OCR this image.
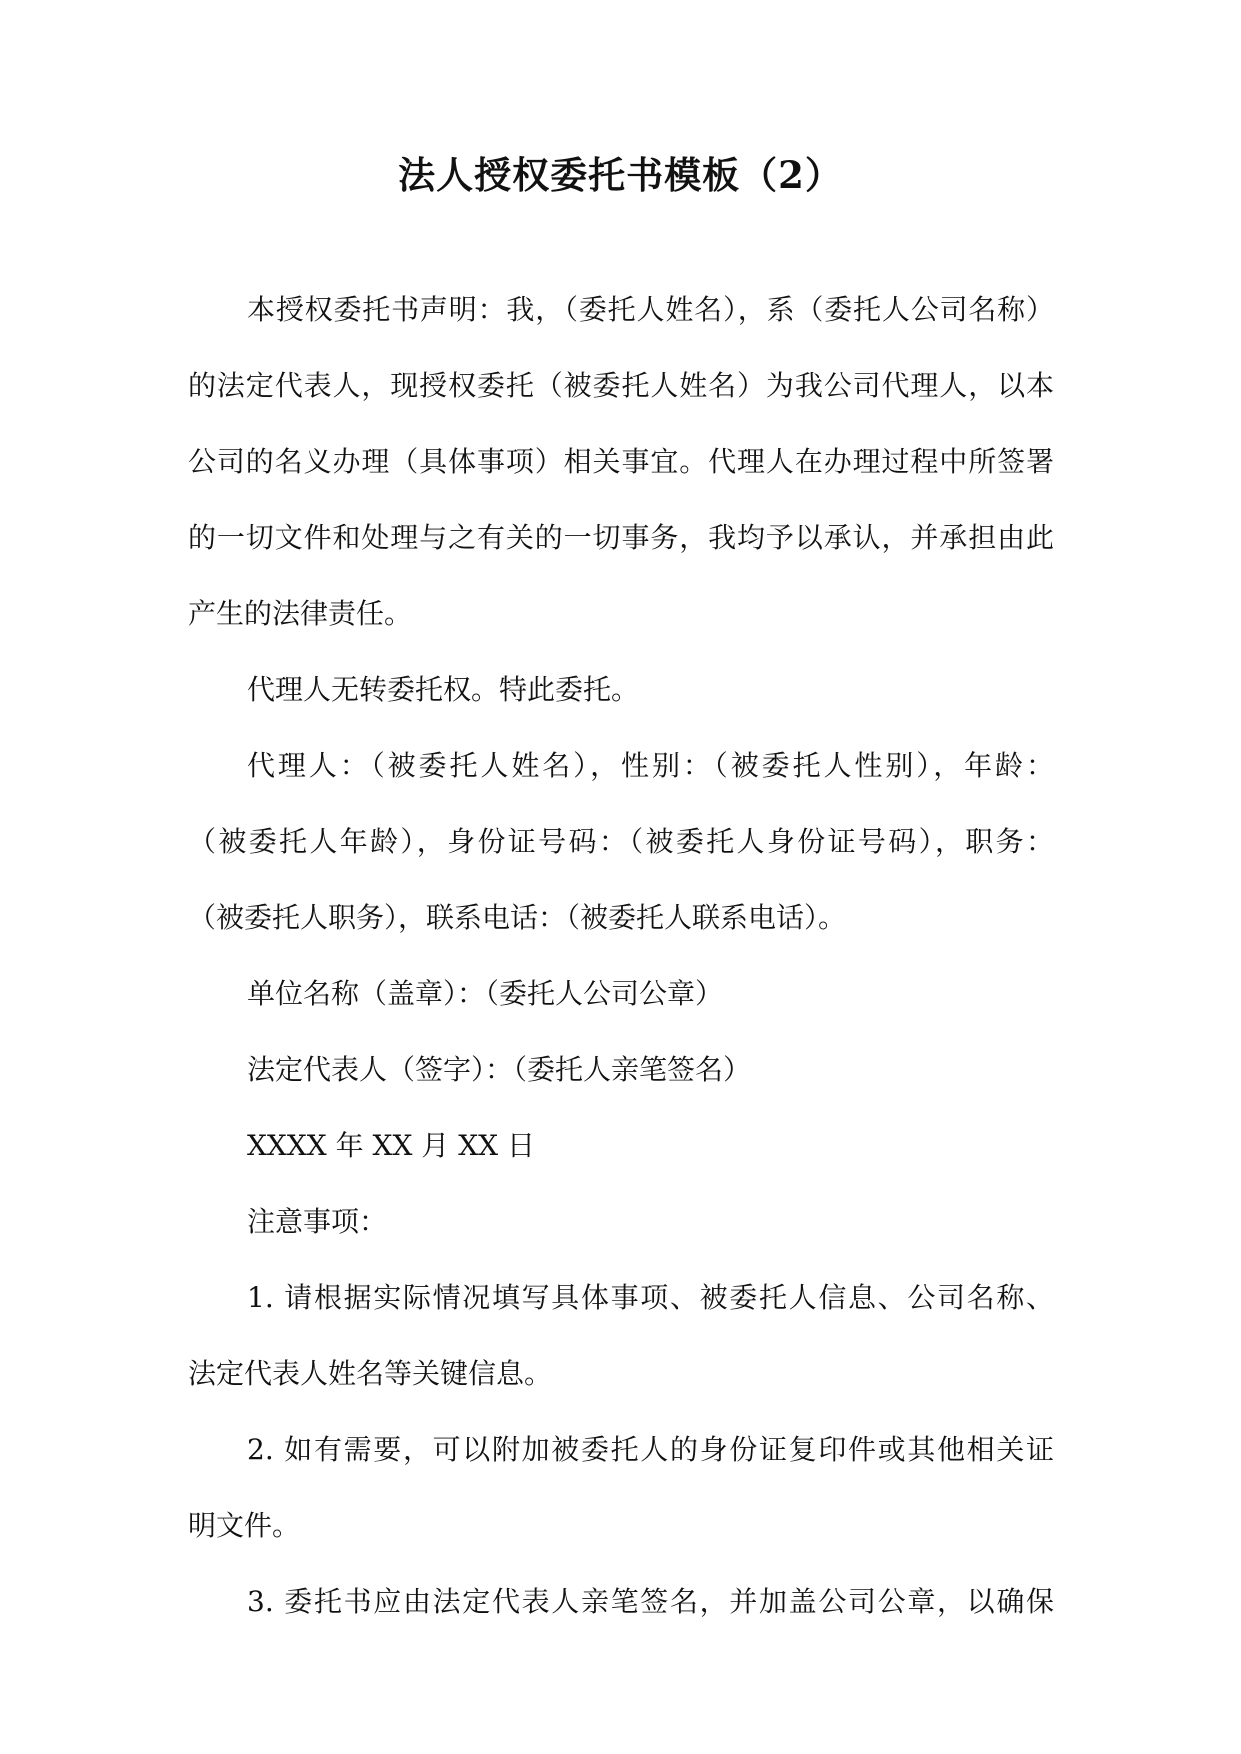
法人授权委托书模板（2）
本授权委托书声明：我，（委托人姓名），系（委托人公司名称）
的法定代表人，现授权委托（被委托人姓名）为我公司代理人，以本
公司的名义办理（具体事项）相关事宜。代理人在办理过程中所签署
的一切文件和处理与之有关的一切事务，我均予以承认，并承担由此
产生的法律责任。

代理人无转委托权。特此委托。

代理人：（被委托人姓名），性别：（被委托人性别），年龄：
（被委托人年龄），身份证号码：（被委托人身份证号码），职务：
（被委托人职务），联系电话：（被委托人联系电话）。

单位名称（盖章）：（委托人公司公章）

法定代表人（签字）：（委托人亲笔签名）

XXXX 年 XX 月 XX 日

注意事项：

1. 请根据实际情况填写具体事项、被委托人信息、公司名称、
法定代表人姓名等关键信息。
2. 如有需要，可以附加被委托人的身份证复印件或其他相关证
明文件。
3. 委托书应由法定代表人亲笔签名，并加盖公司公章，以确保
